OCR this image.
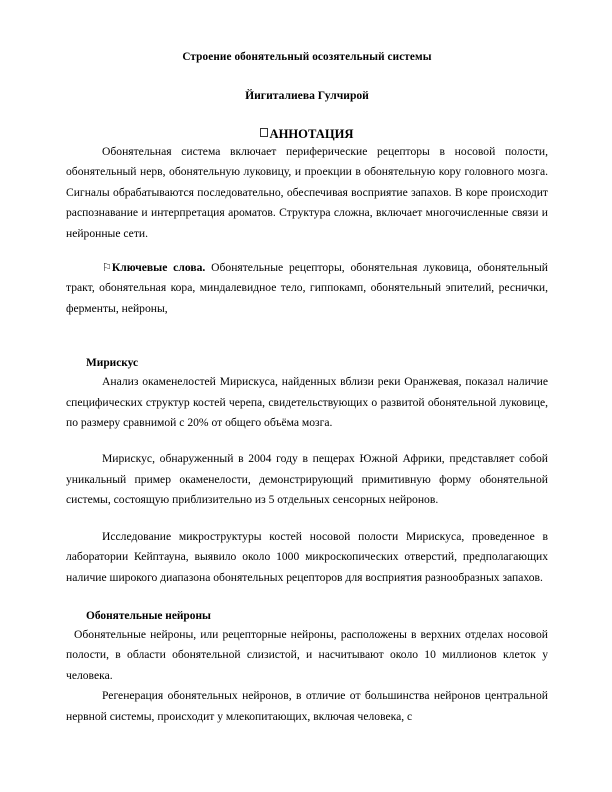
Строение обонятельный осозятельный системы
Йигиталиева Гулчирой
АННОТАЦИЯ

Обонятельная система включает периферические рецепторы в носовой полости, обонятельный нерв, обонятельную луковицу, и проекции в обонятельную кору головного мозга. Сигналы обрабатываются последовательно, обеспечивая восприятие запахов. В коре происходит распознавание и интерпретация ароматов. Структура сложна, включает многочисленные связи и нейронные сети.

⚐Ключевые слова. Обонятельные рецепторы, обонятельная луковица, обонятельный тракт, обонятельная кора, миндалевидное тело, гиппокамп, обонятельный эпителий, реснички, ферменты, нейроны,

Мирискус

Анализ окаменелостей Мирискуса, найденных вблизи реки Оранжевая, показал наличие специфических структур костей черепа, свидетельствующих о развитой обонятельной луковице, по размеру сравнимой с 20% от общего объёма мозга.

Мирискус, обнаруженный в 2004 году в пещерах Южной Африки, представляет собой уникальный пример окаменелости, демонстрирующий примитивную форму обонятельной системы, состоящую приблизительно из 5 отдельных сенсорных нейронов.

Исследование микроструктуры костей носовой полости Мирискуса, проведенное в лаборатории Кейптауна, выявило около 1000 микроскопических отверстий, предполагающих наличие широкого диапазона обонятельных рецепторов для восприятия разнообразных запахов.

Обонятельные нейроны

Обонятельные нейроны, или рецепторные нейроны, расположены в верхних отделах носовой полости, в области обонятельной слизистой, и насчитывают около 10 миллионов клеток у человека.

Регенерация обонятельных нейронов, в отличие от большинства нейронов центральной нервной системы, происходит у млекопитающих, включая человека, с
